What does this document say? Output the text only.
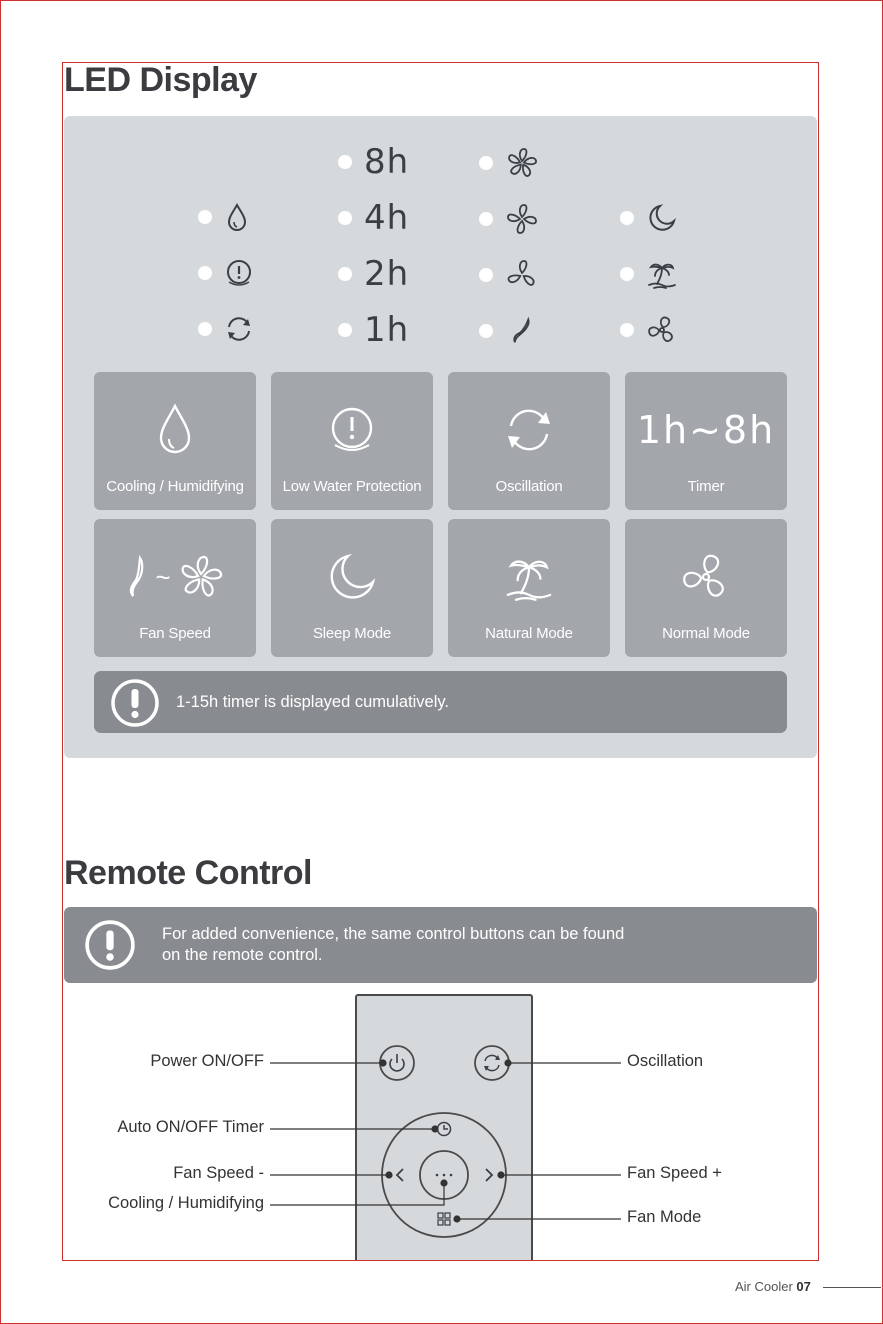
LED Display
8h
4h
2h
1h
Cooling / Humidifying	Low Water Protection	Oscillation
1h~8h
Timer
~
Fan Speed	Sleep Mode	Natural Mode	Normal Mode
1-15h timer is displayed cumulatively.
Remote Control
For added convenience, the same control buttons can be found
on the remote control.
Power ON/OFF	Oscillation
Auto ON/OFF Timer
Fan Speed -	Fan Speed +
Cooling / Humidifying
Fan Mode
Air Cooler 07
